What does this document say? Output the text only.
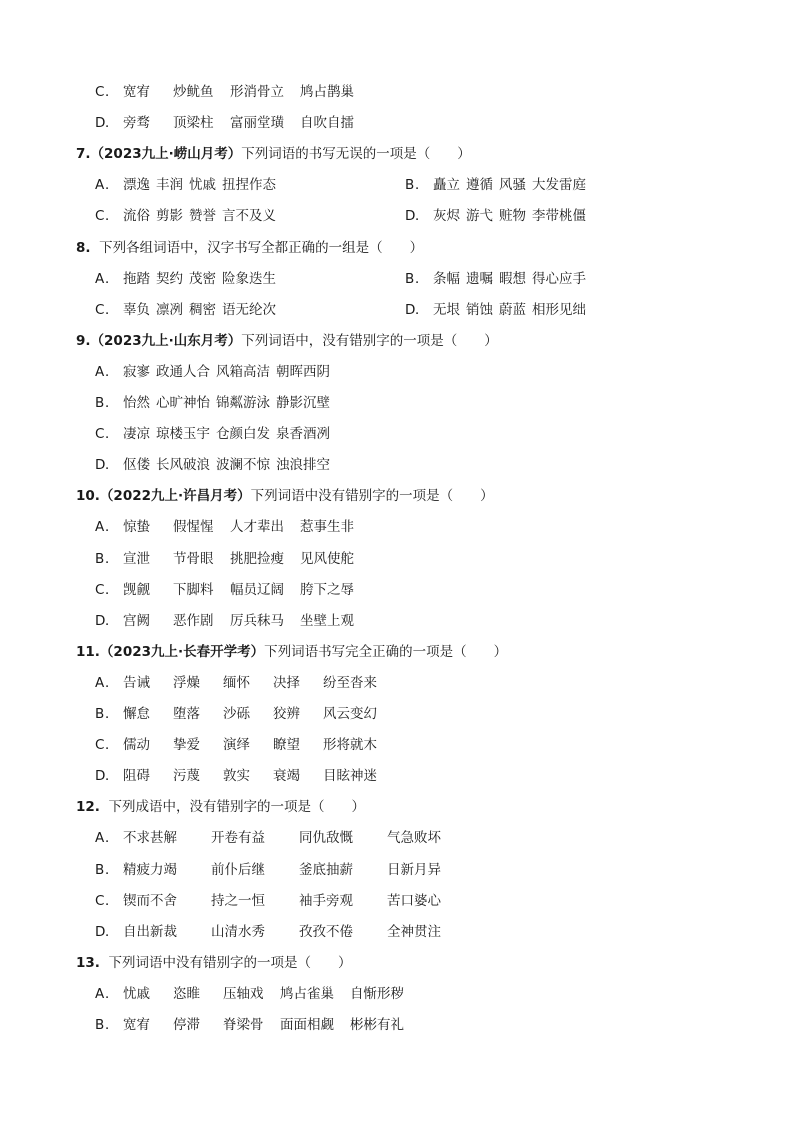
C ． 宽宥 炒鱿鱼 形消骨立 鸠占鹊巢
D ． 旁骛 顶梁柱 富丽堂璜 自吹自擂
7.（2023九上·崂山月考）下列词语的书写无误的一项是（　　）
A ． 漂逸 丰润 忧戚 扭捏作态	B ． 矗立 遵循 风骚 大发雷庭
C ． 流俗 剪影 赞誉 言不及义	D ． 灰烬 游弋 赃物 李带桃僵
8. 下列各组词语中，汉字书写全都正确的一组是（　　）
A ． 拖踏 契约 茂密 险象迭生	B ． 条幅 遗嘱 暇想 得心应手
C ． 辜负 凛冽 稠密 语无纶次	D ． 无垠 销蚀 蔚蓝 相形见绌
9.（2023九上·山东月考）下列词语中，没有错别字的一项是（　　）
A ． 寂寥 政通人合 风箱高洁 朝晖西阴
B ． 怡然 心旷神怡 锦粼游泳 静影沉壁
C ． 凄凉 琼楼玉宇 仓颜白发 泉香酒冽
D ． 伛偻 长风破浪 波澜不惊 浊浪排空
10.（2022九上·许昌月考）下列词语中没有错别字的一项是（　　）
A ． 惊蛰 假惺惺 人才辈出 惹事生非
B ． 宣泄 节骨眼 挑肥捡瘦 见风使舵
C ． 觊觎 下脚料 幅员辽阔 胯下之辱
D ． 宫阙 恶作剧 厉兵秣马 坐壁上观
11.（2023九上·长春开学考）下列词语书写完全正确的一项是（　　）
A ． 告诫 浮燥 缅怀 决择 纷至沓来
B ． 懈怠 堕落 沙砾 狡辨 风云变幻
C ． 儒动 挚爱 演绎 瞭望 形将就木
D ． 阻碍 污蔑 敦实 衰竭 目眩神迷
12. 下列成语中，没有错别字的一项是（　　）
A ． 不求甚解	开卷有益	同仇敌慨	气急败坏
B ． 精疲力竭	前仆后继	釜底抽薪	日新月异
C ． 锲而不舍	持之一恒	袖手旁观	苦口婆心
D ． 自出新裁	山清水秀	孜孜不倦	全神贯注
13. 下列词语中没有错别字的一项是（　　）
A ． 忧戚 恣睢 压轴戏 鸠占雀巢 自惭形秽
B ． 宽宥 停滞 脊梁骨 面面相觑 彬彬有礼
